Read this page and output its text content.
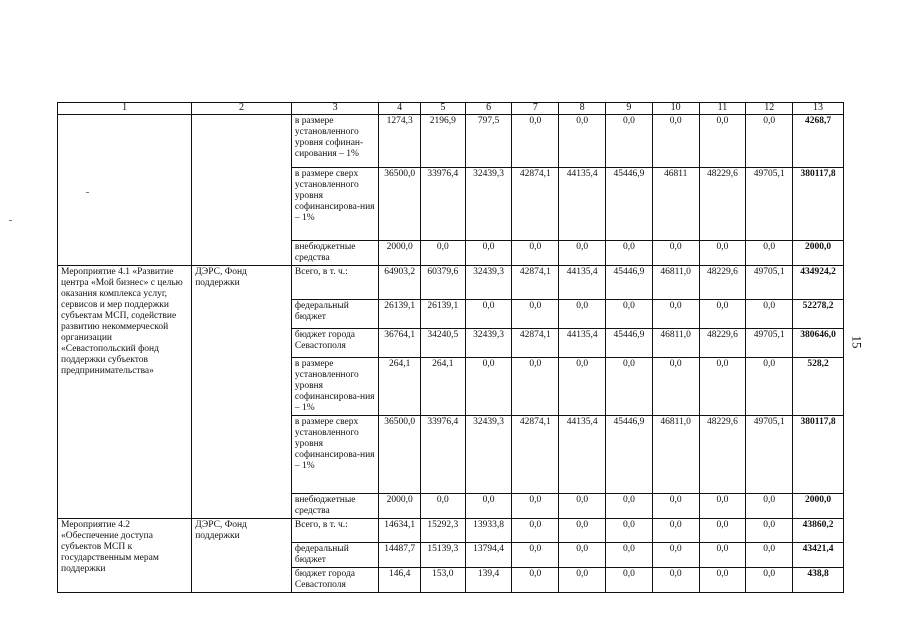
1	2	3	4	5	6	7	8	9	10	11	12	13
		в размере установленного уровня софинан-сирования – 1%	1274,3	2196,9	797,5	0,0	0,0	0,0	0,0	0,0	0,0	4268,7
		в размере сверх установленного уровня софинансирова-ния – 1%	36500,0	33976,4	32439,3	42874,1	44135,4	45446,9	46811	48229,6	49705,1	380117,8
		внебюджетные средства	2000,0	0,0	0,0	0,0	0,0	0,0	0,0	0,0	0,0	2000,0
Мероприятие 4.1 «Развитие центра «Мой бизнес» с целью оказания комплекса услуг, сервисов и мер поддержки субъектам МСП, содействие развитию некоммерческой организации «Севастопольский фонд поддержки субъектов предпринимательства»	ДЭРС, Фонд поддержки	Всего, в т. ч.:	64903,2	60379,6	32439,3	42874,1	44135,4	45446,9	46811,0	48229,6	49705,1	434924,2
		федеральный бюджет	26139,1	26139,1	0,0	0,0	0,0	0,0	0,0	0,0	0,0	52278,2
		бюджет города Севастополя	36764,1	34240,5	32439,3	42874,1	44135,4	45446,9	46811,0	48229,6	49705,1	380646,0
		в размере установленного уровня софинансирова-ния – 1%	264,1	264,1	0,0	0,0	0,0	0,0	0,0	0,0	0,0	528,2
		в размере сверх установленного уровня софинансирова-ния – 1%	36500,0	33976,4	32439,3	42874,1	44135,4	45446,9	46811,0	48229,6	49705,1	380117,8
		внебюджетные средства	2000,0	0,0	0,0	0,0	0,0	0,0	0,0	0,0	0,0	2000,0
Мероприятие 4.2 «Обеспечение доступа субъектов МСП к государственным мерам поддержки	ДЭРС, Фонд поддержки	Всего, в т. ч.:	14634,1	15292,3	13933,8	0,0	0,0	0,0	0,0	0,0	0,0	43860,2
		федеральный бюджет	14487,7	15139,3	13794,4	0,0	0,0	0,0	0,0	0,0	0,0	43421,4
		бюджет города Севастополя	146,4	153,0	139,4	0,0	0,0	0,0	0,0	0,0	0,0	438,8
15
